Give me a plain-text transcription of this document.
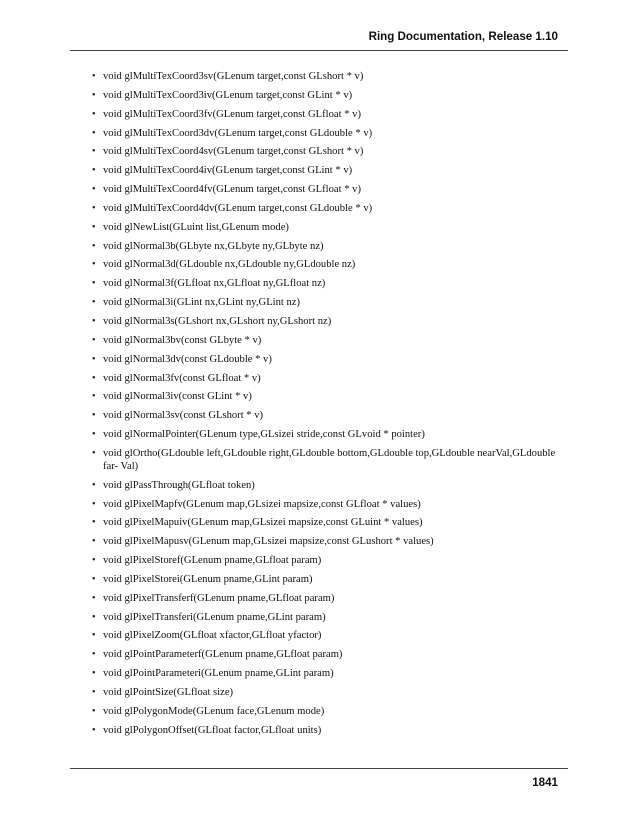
Ring Documentation, Release 1.10
• void glMultiTexCoord3sv(GLenum target,const GLshort * v)
• void glMultiTexCoord3iv(GLenum target,const GLint * v)
• void glMultiTexCoord3fv(GLenum target,const GLfloat * v)
• void glMultiTexCoord3dv(GLenum target,const GLdouble * v)
• void glMultiTexCoord4sv(GLenum target,const GLshort * v)
• void glMultiTexCoord4iv(GLenum target,const GLint * v)
• void glMultiTexCoord4fv(GLenum target,const GLfloat * v)
• void glMultiTexCoord4dv(GLenum target,const GLdouble * v)
• void glNewList(GLuint list,GLenum mode)
• void glNormal3b(GLbyte nx,GLbyte ny,GLbyte nz)
• void glNormal3d(GLdouble nx,GLdouble ny,GLdouble nz)
• void glNormal3f(GLfloat nx,GLfloat ny,GLfloat nz)
• void glNormal3i(GLint nx,GLint ny,GLint nz)
• void glNormal3s(GLshort nx,GLshort ny,GLshort nz)
• void glNormal3bv(const GLbyte * v)
• void glNormal3dv(const GLdouble * v)
• void glNormal3fv(const GLfloat * v)
• void glNormal3iv(const GLint * v)
• void glNormal3sv(const GLshort * v)
• void glNormalPointer(GLenum type,GLsizei stride,const GLvoid * pointer)
• void glOrtho(GLdouble left,GLdouble right,GLdouble bottom,GLdouble top,GLdouble nearVal,GLdouble far- Val)
• void glPassThrough(GLfloat token)
• void glPixelMapfv(GLenum map,GLsizei mapsize,const GLfloat * values)
• void glPixelMapuiv(GLenum map,GLsizei mapsize,const GLuint * values)
• void glPixelMapusv(GLenum map,GLsizei mapsize,const GLushort * values)
• void glPixelStoref(GLenum pname,GLfloat param)
• void glPixelStorei(GLenum pname,GLint param)
• void glPixelTransferf(GLenum pname,GLfloat param)
• void glPixelTransferi(GLenum pname,GLint param)
• void glPixelZoom(GLfloat xfactor,GLfloat yfactor)
• void glPointParameterf(GLenum pname,GLfloat param)
• void glPointParameteri(GLenum pname,GLint param)
• void glPointSize(GLfloat size)
• void glPolygonMode(GLenum face,GLenum mode)
• void glPolygonOffset(GLfloat factor,GLfloat units)
1841
